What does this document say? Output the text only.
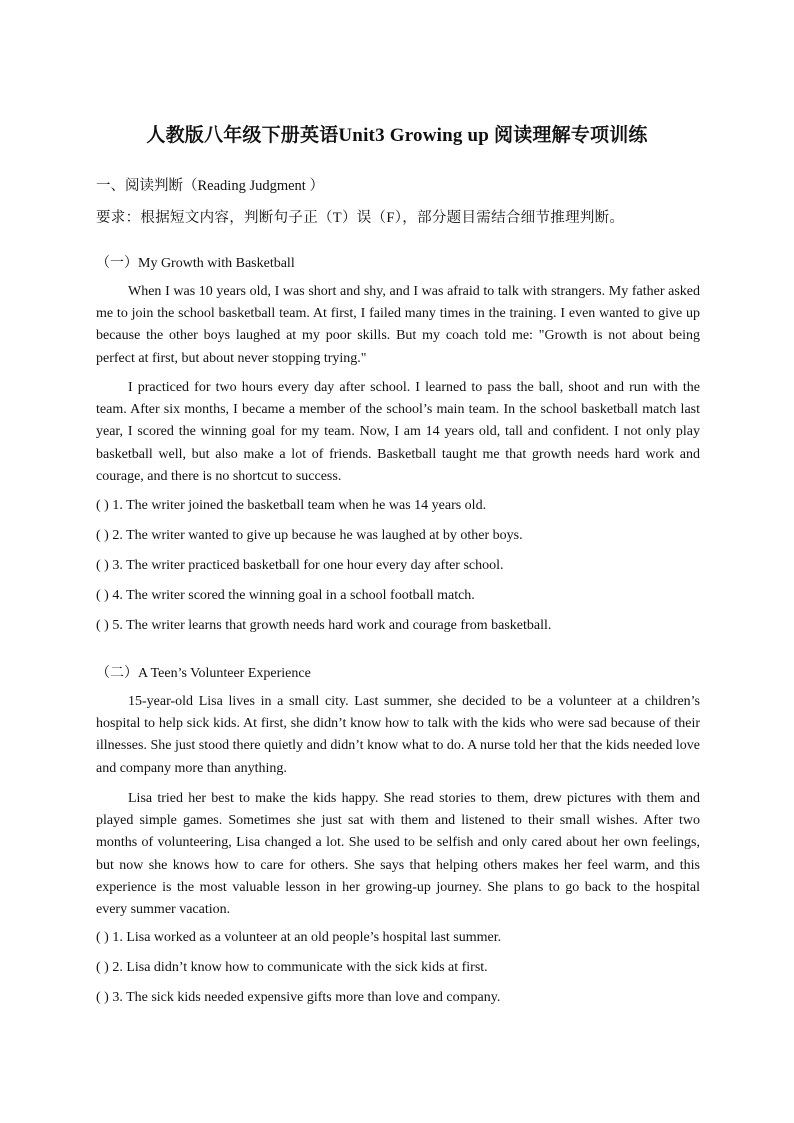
人教版八年级下册英语Unit3 Growing up 阅读理解专项训练
一、阅读判断（Reading Judgment ）
要求：根据短文内容，判断句子正（T）误（F），部分题目需结合细节推理判断。
（一）My Growth with Basketball

When I was 10 years old, I was short and shy, and I was afraid to talk with strangers. My father asked me to join the school basketball team. At first, I failed many times in the training. I even wanted to give up because the other boys laughed at my poor skills. But my coach told me: "Growth is not about being perfect at first, but about never stopping trying."

I practiced for two hours every day after school. I learned to pass the ball, shoot and run with the team. After six months, I became a member of the school’s main team. In the school basketball match last year, I scored the winning goal for my team. Now, I am 14 years old, tall and confident. I not only play basketball well, but also make a lot of friends. Basketball taught me that growth needs hard work and courage, and there is no shortcut to success.

( ) 1. The writer joined the basketball team when he was 14 years old.
( ) 2. The writer wanted to give up because he was laughed at by other boys.
( ) 3. The writer practiced basketball for one hour every day after school.
( ) 4. The writer scored the winning goal in a school football match.
( ) 5. The writer learns that growth needs hard work and courage from basketball.
（二）A Teen’s Volunteer Experience

15-year-old Lisa lives in a small city. Last summer, she decided to be a volunteer at a children’s hospital to help sick kids. At first, she didn’t know how to talk with the kids who were sad because of their illnesses. She just stood there quietly and didn’t know what to do. A nurse told her that the kids needed love and company more than anything.

Lisa tried her best to make the kids happy. She read stories to them, drew pictures with them and played simple games. Sometimes she just sat with them and listened to their small wishes. After two months of volunteering, Lisa changed a lot. She used to be selfish and only cared about her own feelings, but now she knows how to care for others. She says that helping others makes her feel warm, and this experience is the most valuable lesson in her growing-up journey. She plans to go back to the hospital every summer vacation.

( ) 1. Lisa worked as a volunteer at an old people’s hospital last summer.
( ) 2. Lisa didn’t know how to communicate with the sick kids at first.
( ) 3. The sick kids needed expensive gifts more than love and company.
